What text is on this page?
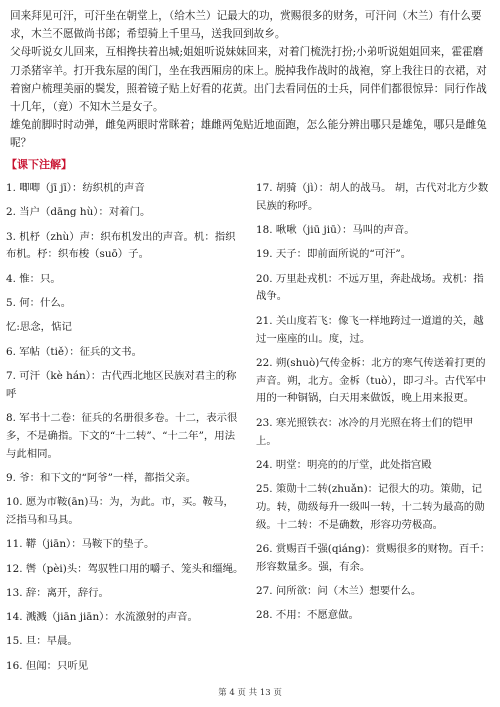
回来拜见可汗，可汗坐在朝堂上，（给木兰）记最大的功，赏赐很多的财务，可汗问（木兰）有什么要求，木兰不愿做尚书郎；希望骑上千里马，送我回到故乡。

父母听说女儿回来，互相搀扶着出城;姐姐听说妹妹回来，对着门梳洗打扮;小弟听说姐姐回来，霍霍磨刀杀猪宰羊。打开我东屋的闺门，坐在我西厢房的床上。脱掉我作战时的战袍，穿上我往日的衣裙，对着窗户梳理美丽的鬓发，照着镜子贴上好看的花黄。出门去看同伍的士兵，同伴们都很惊异：同行作战十几年，（竟）不知木兰是女子。

雄兔前脚时时动弹，雌兔两眼时常眯着；雄雌两兔贴近地面跑，怎么能分辨出哪只是雄兔，哪只是雌兔呢？

【课下注解】

1. 唧唧（jī jī）：纺织机的声音

2. 当户（dāng hù）：对着门。

3. 机杼（zhù）声：织布机发出的声音。机：指织布机。杼：织布梭（suō）子。

4. 惟：只。

5. 何：什么。

忆:思念，惦记

6. 军帖（tiě）：征兵的文书。

7. 可汗（kè hán）：古代西北地区民族对君主的称呼

8. 军书十二卷：征兵的名册很多卷。十二，表示很多，不是确指。下文的“十二转”、“十二年”，用法与此相同。

9. 爷：和下文的“阿爷”一样，都指父亲。

10. 愿为市鞍(ān)马：为，为此。市，买。鞍马，泛指马和马具。

11. 鞯（jiān）：马鞍下的垫子。

12. 辔（pèi)头：驾驭牲口用的嚼子、笼头和缰绳。

13. 辞：离开，辞行。

14. 溅溅（jiān jiān）：水流激射的声音。

15. 旦：早晨。

16. 但闻：只听见

17. 胡骑（jì）：胡人的战马。 胡，古代对北方少数民族的称呼。

18. 啾啾（jiū jiū）：马叫的声音。

19. 天子：即前面所说的“可汗”。

20. 万里赴戎机：不远万里，奔赴战场。戎机：指战争。

21. 关山度若飞：像飞一样地跨过一道道的关，越过一座座的山。度，过。

22. 朔(shuò)气传金柝：北方的寒气传送着打更的声音。朔，北方。金柝（tuò），即刁斗。古代军中用的一种铜锅，白天用来做饭，晚上用来报更。

23. 寒光照铁衣：冰冷的月光照在将士们的铠甲上。

24. 明堂：明亮的的厅堂，此处指宫殿

25. 策勋十二转(zhuǎn)：记很大的功。策勋，记功。转，勋级每升一级叫一转，十二转为最高的勋级。十二转：不是确数，形容功劳极高。

26. 赏赐百千强(qiáng)：赏赐很多的财物。百千：形容数量多。强，有余。

27. 问所欲：问（木兰）想要什么。

28. 不用：不愿意做。

第 4 页 共 13 页
